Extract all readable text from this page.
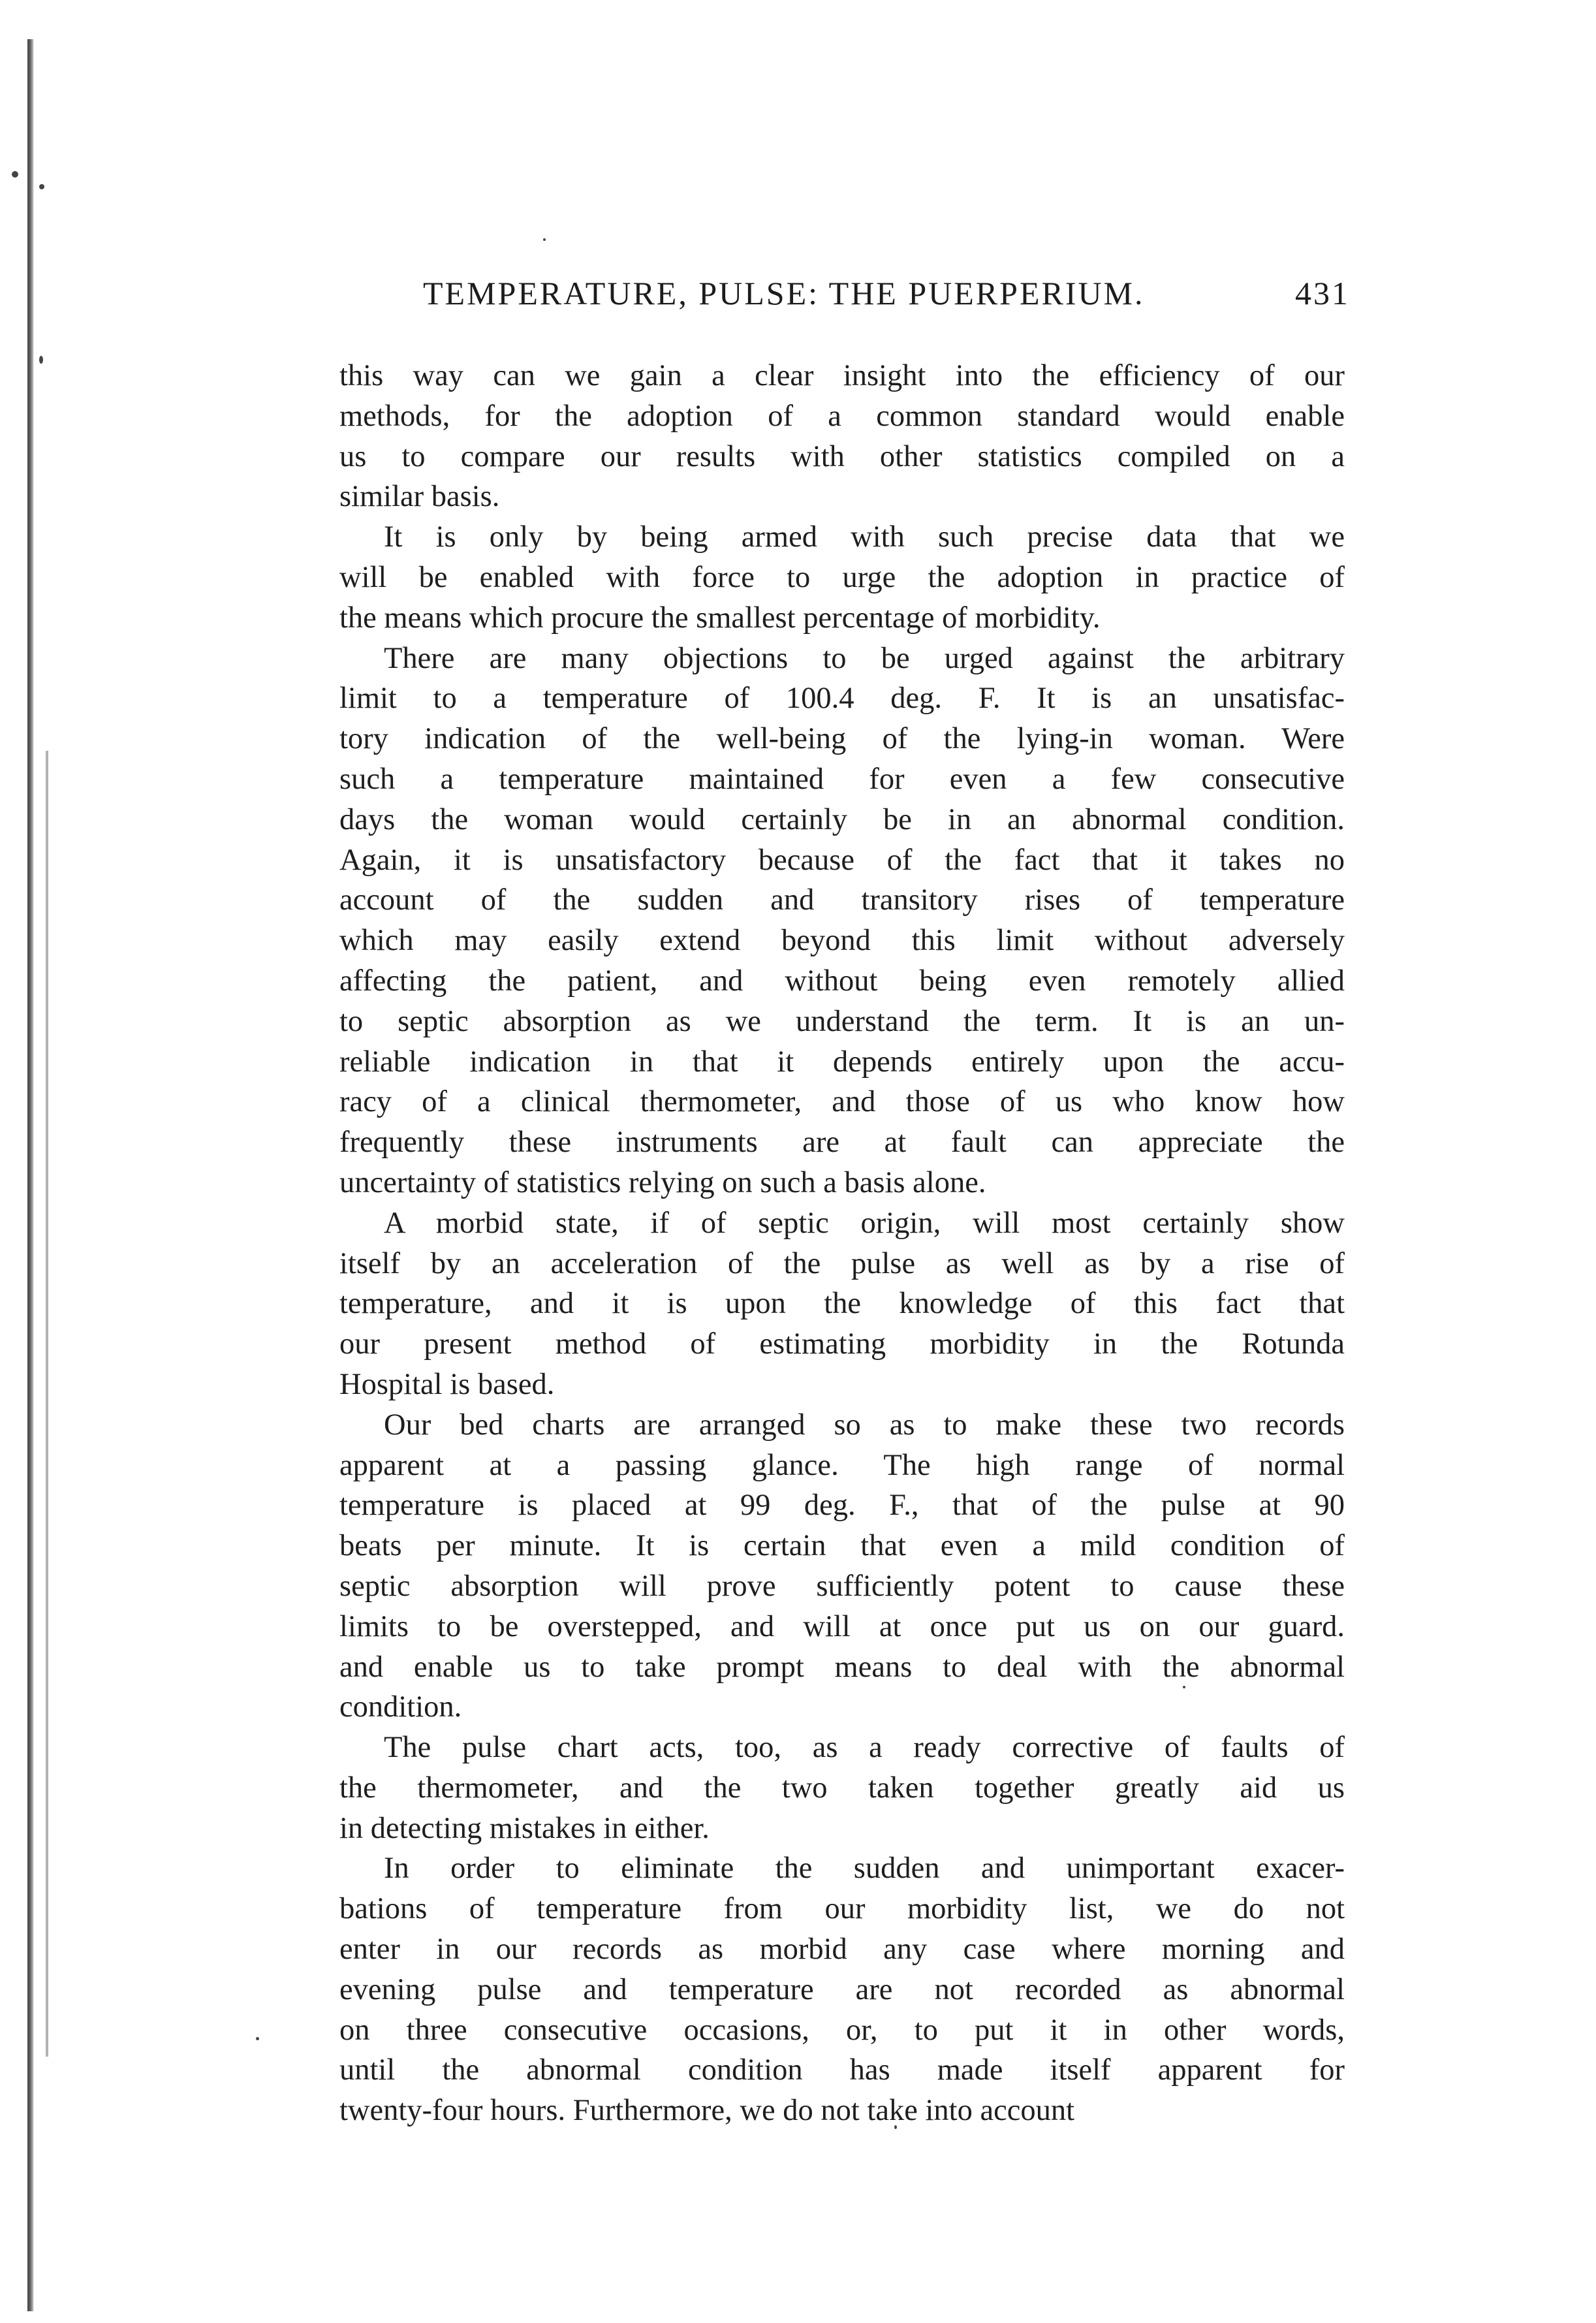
TEMPERATURE, PULSE: THE PUERPERIUM.	431
this way can we gain a clear insight into the efficiency of our
methods, for the adoption of a common standard would enable
us to compare our results with other statistics compiled on a
similar basis.
It is only by being armed with such precise data that we
will be enabled with force to urge the adoption in practice of
the means which procure the smallest percentage of morbidity.
There are many objections to be urged against the arbitrary
limit to a temperature of 100.4 deg. F. It is an unsatisfac-
tory indication of the well-being of the lying-in woman. Were
such a temperature maintained for even a few consecutive
days the woman would certainly be in an abnormal condition.
Again, it is unsatisfactory because of the fact that it takes no
account of the sudden and transitory rises of temperature
which may easily extend beyond this limit without adversely
affecting the patient, and without being even remotely allied
to septic absorption as we understand the term. It is an un-
reliable indication in that it depends entirely upon the accu-
racy of a clinical thermometer, and those of us who know how
frequently these instruments are at fault can appreciate the
uncertainty of statistics relying on such a basis alone.
A morbid state, if of septic origin, will most certainly show
itself by an acceleration of the pulse as well as by a rise of
temperature, and it is upon the knowledge of this fact that
our present method of estimating morbidity in the Rotunda
Hospital is based.
Our bed charts are arranged so as to make these two records
apparent at a passing glance. The high range of normal
temperature is placed at 99 deg. F., that of the pulse at 90
beats per minute. It is certain that even a mild condition of
septic absorption will prove sufficiently potent to cause these
limits to be overstepped, and will at once put us on our guard.
and enable us to take prompt means to deal with the abnormal
condition.
The pulse chart acts, too, as a ready corrective of faults of
the thermometer, and the two taken together greatly aid us
in detecting mistakes in either.
In order to eliminate the sudden and unimportant exacer-
bations of temperature from our morbidity list, we do not
enter in our records as morbid any case where morning and
evening pulse and temperature are not recorded as abnormal
on three consecutive occasions, or, to put it in other words,
until the abnormal condition has made itself apparent for
twenty-four hours. Furthermore, we do not take into account
